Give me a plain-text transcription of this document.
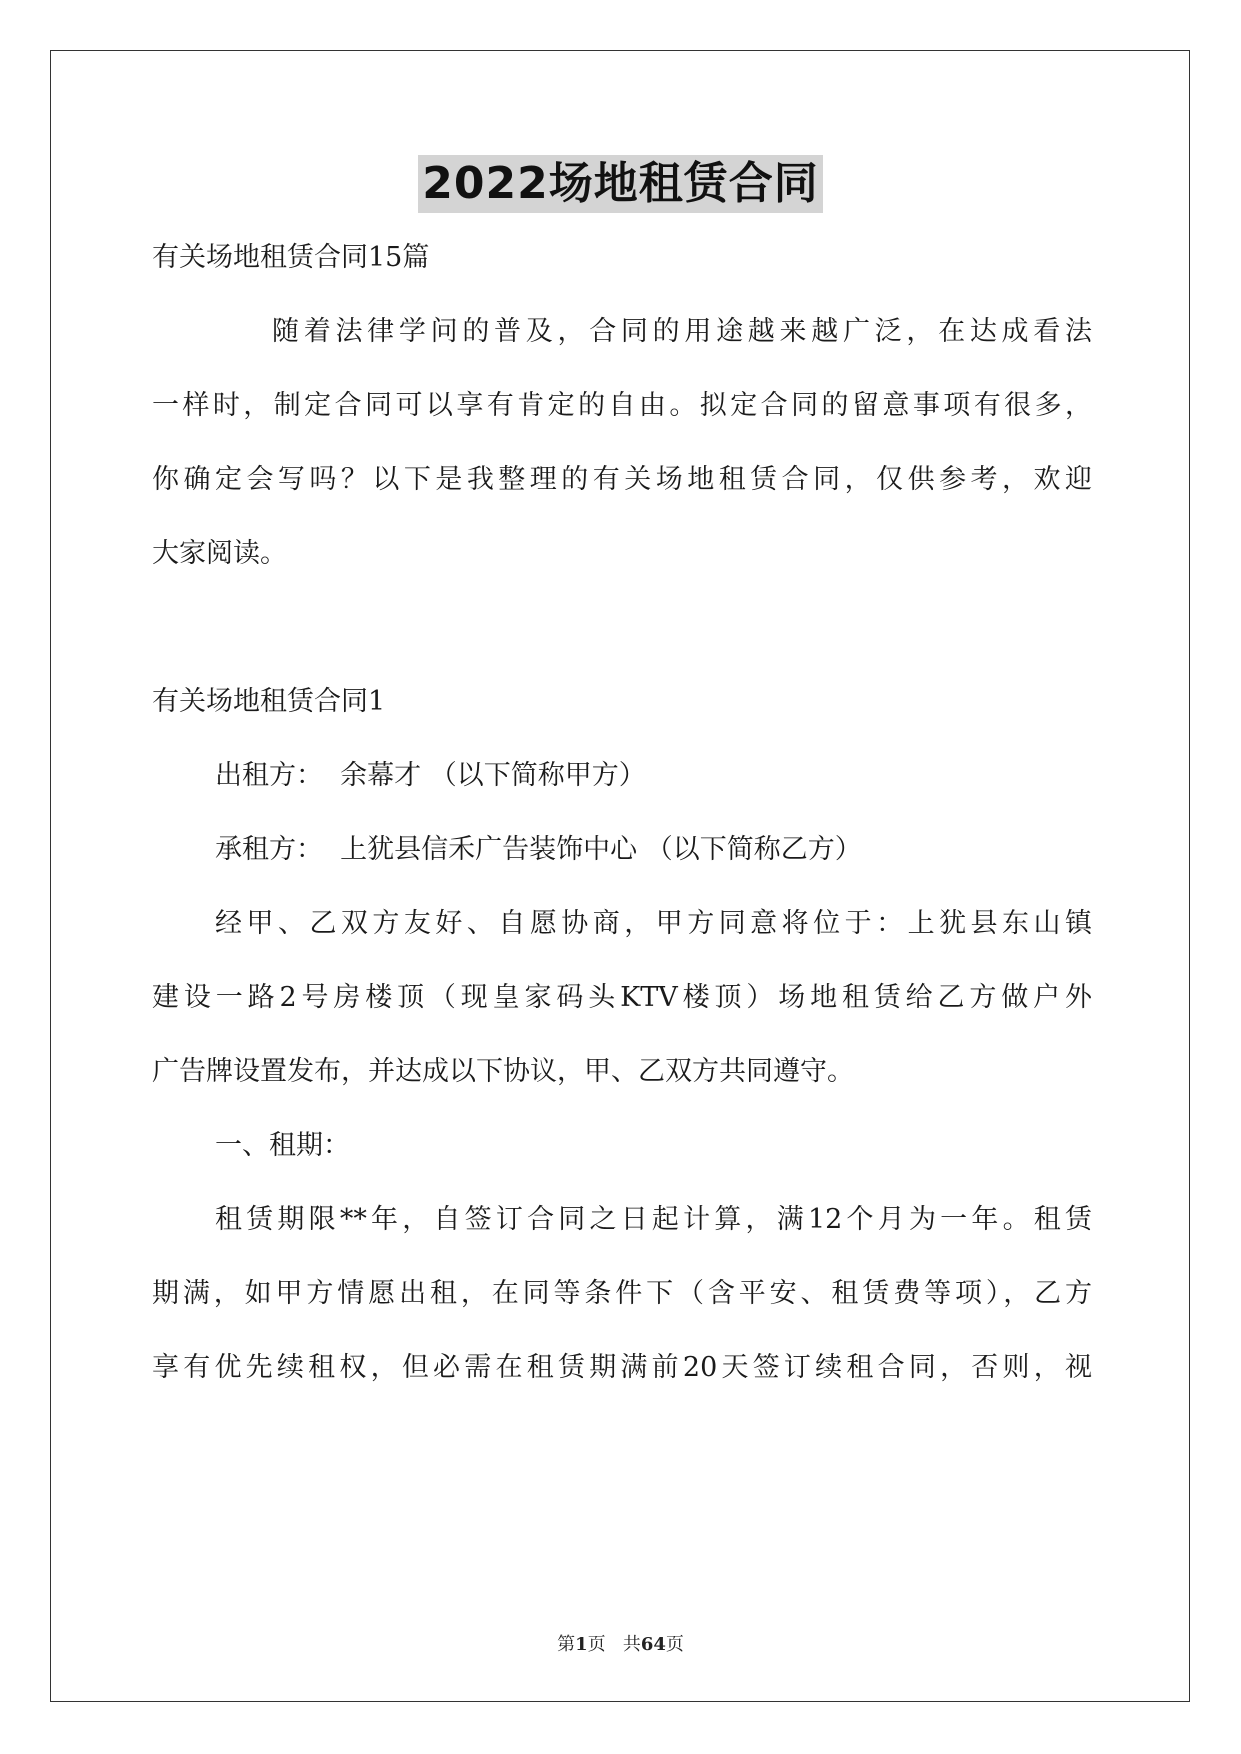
2022场地租赁合同
有关场地租赁合同15篇
随着法律学问的普及，合同的用途越来越广泛，在达成看法
一样时，制定合同可以享有肯定的自由。拟定合同的留意事项有很多，
你确定会写吗？以下是我整理的有关场地租赁合同，仅供参考，欢迎
大家阅读。
有关场地租赁合同1
出租方：  余幕才 （以下简称甲方）
承租方：  上犹县信禾广告装饰中心 （以下简称乙方）
经甲、乙双方友好、自愿协商，甲方同意将位于：上犹县东山镇
建设一路2号房楼顶（现皇家码头KTV楼顶）场地租赁给乙方做户外
广告牌设置发布，并达成以下协议，甲、乙双方共同遵守。
一、租期：
租赁期限**年，自签订合同之日起计算，满12个月为一年。租赁
期满，如甲方情愿出租，在同等条件下（含平安、租赁费等项），乙方
享有优先续租权，但必需在租赁期满前20天签订续租合同，否则，视
第1页 共64页
